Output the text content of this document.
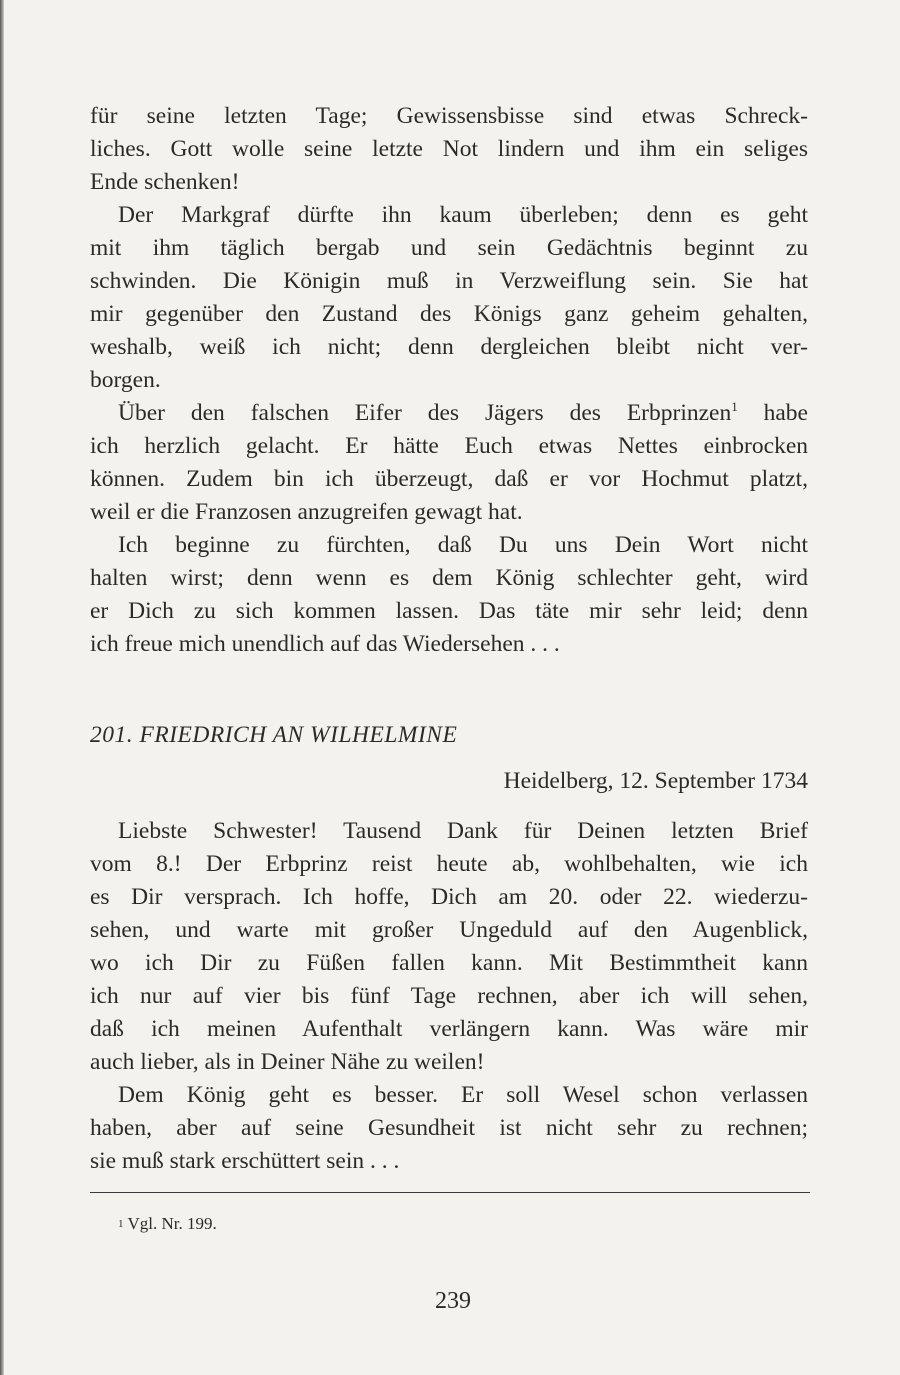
für seine letzten Tage; Gewissensbisse sind etwas Schreck-
liches. Gott wolle seine letzte Not lindern und ihm ein seliges
Ende schenken!
Der Markgraf dürfte ihn kaum überleben; denn es geht
mit ihm täglich bergab und sein Gedächtnis beginnt zu
schwinden. Die Königin muß in Verzweiflung sein. Sie hat
mir gegenüber den Zustand des Königs ganz geheim gehalten,
weshalb, weiß ich nicht; denn dergleichen bleibt nicht ver-
borgen.
Über den falschen Eifer des Jägers des Erbprinzen$^1$ habe
ich herzlich gelacht. Er hätte Euch etwas Nettes einbrocken
können. Zudem bin ich überzeugt, daß er vor Hochmut platzt,
weil er die Franzosen anzugreifen gewagt hat.
Ich beginne zu fürchten, daß Du uns Dein Wort nicht
halten wirst; denn wenn es dem König schlechter geht, wird
er Dich zu sich kommen lassen. Das täte mir sehr leid; denn
ich freue mich unendlich auf das Wiedersehen . . .
201. FRIEDRICH AN WILHELMINE
Heidelberg, 12. September 1734
Liebste Schwester! Tausend Dank für Deinen letzten Brief
vom 8.! Der Erbprinz reist heute ab, wohlbehalten, wie ich
es Dir versprach. Ich hoffe, Dich am 20. oder 22. wiederzu-
sehen, und warte mit großer Ungeduld auf den Augenblick,
wo ich Dir zu Füßen fallen kann. Mit Bestimmtheit kann
ich nur auf vier bis fünf Tage rechnen, aber ich will sehen,
daß ich meinen Aufenthalt verlängern kann. Was wäre mir
auch lieber, als in Deiner Nähe zu weilen!
Dem König geht es besser. Er soll Wesel schon verlassen
haben, aber auf seine Gesundheit ist nicht sehr zu rechnen;
sie muß stark erschüttert sein . . .
$^1$ Vgl. Nr. 199.
239
